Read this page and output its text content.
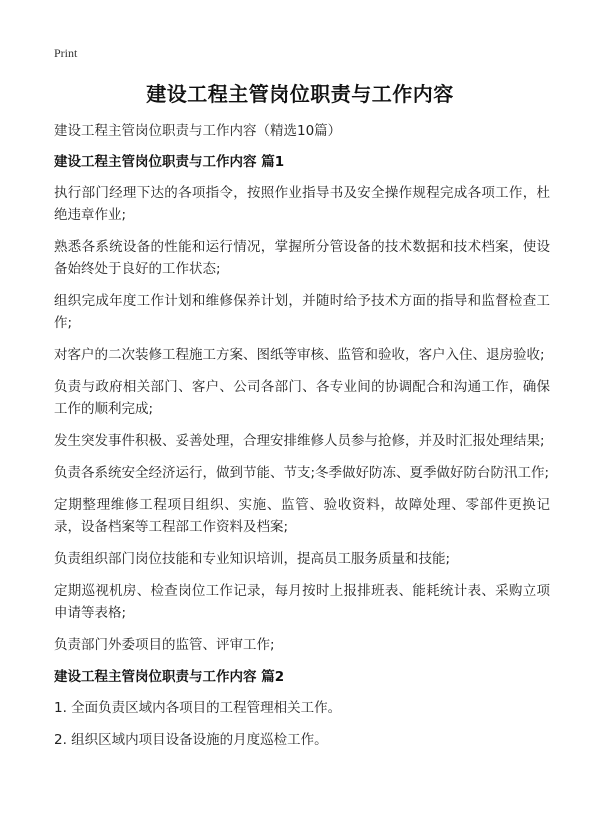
Print
建设工程主管岗位职责与工作内容
建设工程主管岗位职责与工作内容（精选10篇）
建设工程主管岗位职责与工作内容 篇1
执行部门经理下达的各项指令，按照作业指导书及安全操作规程完成各项工作，杜绝违章作业;
熟悉各系统设备的性能和运行情况，掌握所分管设备的技术数据和技术档案，使设备始终处于良好的工作状态;
组织完成年度工作计划和维修保养计划，并随时给予技术方面的指导和监督检查工作;
对客户的二次装修工程施工方案、图纸等审核、监管和验收，客户入住、退房验收;
负责与政府相关部门、客户、公司各部门、各专业间的协调配合和沟通工作，确保工作的顺利完成;
发生突发事件积极、妥善处理，合理安排维修人员参与抢修，并及时汇报处理结果;
负责各系统安全经济运行，做到节能、节支;冬季做好防冻、夏季做好防台防汛工作;
定期整理维修工程项目组织、实施、监管、验收资料，故障处理、零部件更换记录，设备档案等工程部工作资料及档案;
负责组织部门岗位技能和专业知识培训，提高员工服务质量和技能;
定期巡视机房、检查岗位工作记录，每月按时上报排班表、能耗统计表、采购立项申请等表格;
负责部门外委项目的监管、评审工作;
建设工程主管岗位职责与工作内容 篇2
1. 全面负责区域内各项目的工程管理相关工作。
2. 组织区域内项目设备设施的月度巡检工作。
